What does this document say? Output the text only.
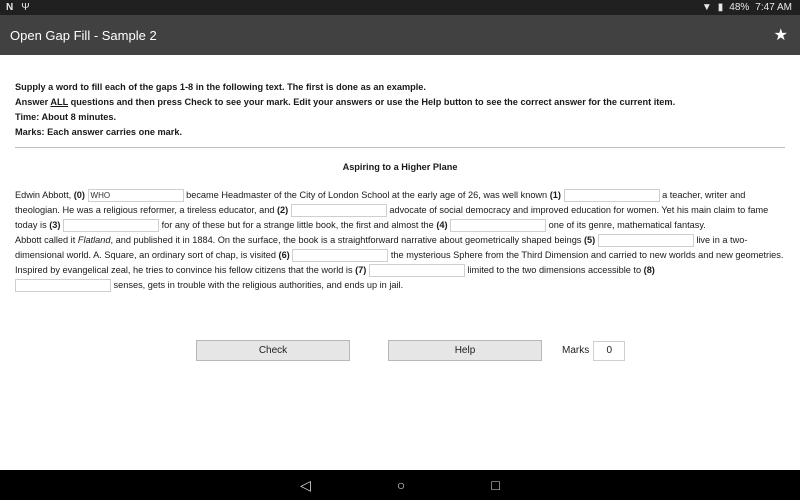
N Ψ	▼ ▮ 48% 7:47 AM
Open Gap Fill - Sample 2	★
Supply a word to fill each of the gaps 1-8 in the following text. The first is done as an example.
Answer ALL questions and then press Check to see your mark. Edit your answers or use the Help button to see the correct answer for the current item.
Time: About 8 minutes.
Marks: Each answer carries one mark.
Aspiring to a Higher Plane
Edwin Abbott, (0) WHO	became Headmaster of the City of London School at the early age of 26, was well known (1)	a teacher, writer and theologian. He was a religious reformer, a tireless educator, and (2)	advocate of social democracy and improved education for women. Yet his main claim to fame today is (3)	for any of these but for a strange little book, the first and almost the (4)	one of its genre, mathematical fantasy.
Abbott called it Flatland, and published it in 1884. On the surface, the book is a straightforward narrative about geometrically shaped beings (5)	live in a two-dimensional world. A. Square, an ordinary sort of chap, is visited (6)	the mysterious Sphere from the Third Dimension and carried to new worlds and new geometries. Inspired by evangelical zeal, he tries to convince his fellow citizens that the world is (7)	limited to the two dimensions accessible to (8)
senses, gets in trouble with the religious authorities, and ends up in jail.
Check	Help	Marks	0
◁	○	□
